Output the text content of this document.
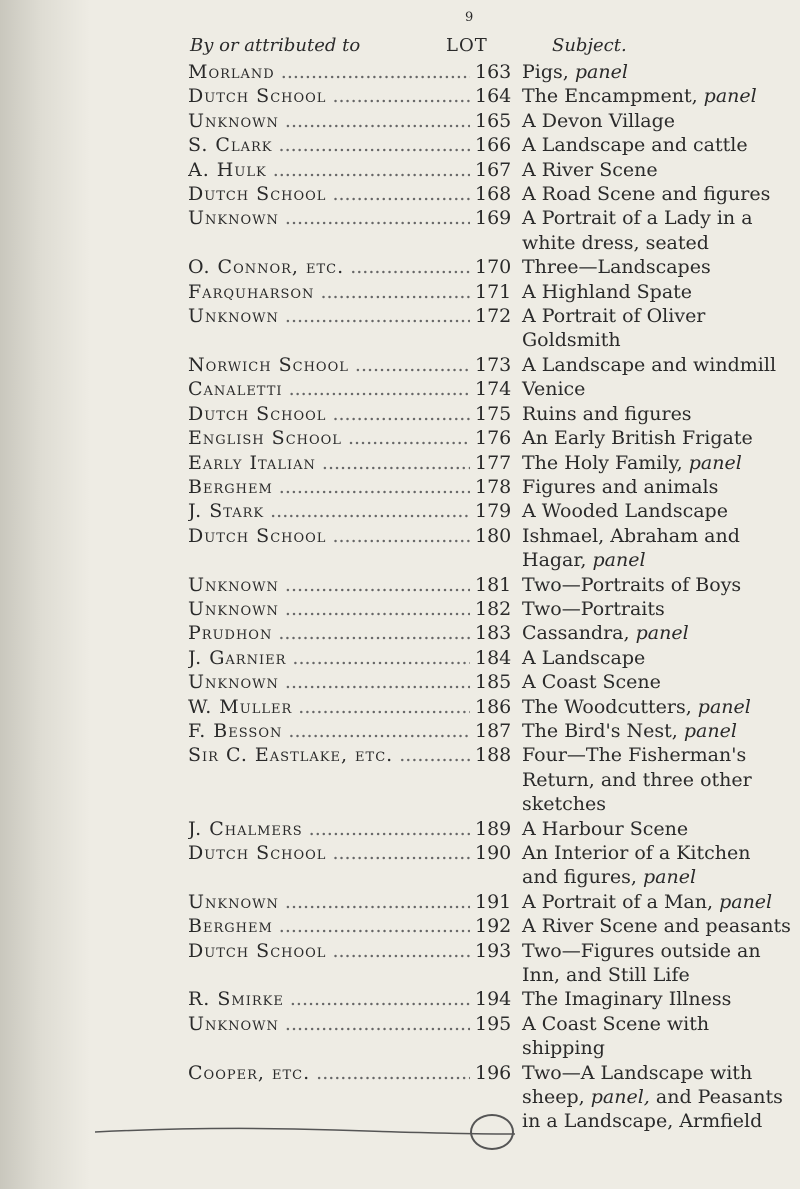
9
By or attributed to	LOT	Subject.
Morland .....	163 Pigs, panel
Dutch School .....	164 The Encampment, panel
Unknown .....	165 A Devon Village
S. Clark .....	166 A Landscape and cattle
A. Hulk .....	167 A River Scene
Dutch School .....	168 A Road Scene and figures
Unknown .....	169 A Portrait of a Lady in a white dress, seated
O. Connor, etc. .....	170 Three—Landscapes
Farquharson .....	171 A Highland Spate
Unknown .....	172 A Portrait of Oliver Goldsmith
Norwich School .....	173 A Landscape and windmill
Canaletti .....	174 Venice
Dutch School .....	175 Ruins and figures
English School .....	176 An Early British Frigate
Early Italian .....	177 The Holy Family, panel
Berghem .....	178 Figures and animals
J. Stark .....	179 A Wooded Landscape
Dutch School .....	180 Ishmael, Abraham and Hagar, panel
Unknown .....	181 Two—Portraits of Boys
Unknown .....	182 Two—Portraits
Prudhon .....	183 Cassandra, panel
J. Garnier .....	184 A Landscape
Unknown .....	185 A Coast Scene
W. Muller .....	186 The Woodcutters, panel
F. Besson .....	187 The Bird's Nest, panel
Sir C. Eastlake, etc. .....	188 Four—The Fisherman's Return, and three other sketches
J. Chalmers .....	189 A Harbour Scene
Dutch School .....	190 An Interior of a Kitchen and figures, panel
Unknown .....	191 A Portrait of a Man, panel
Berghem .....	192 A River Scene and peasants
Dutch School .....	193 Two—Figures outside an Inn, and Still Life
R. Smirke .....	194 The Imaginary Illness
Unknown .....	195 A Coast Scene with shipping
Cooper, etc. .....	196 Two—A Landscape with sheep, panel, and Peasants in a Landscape, Armfield
